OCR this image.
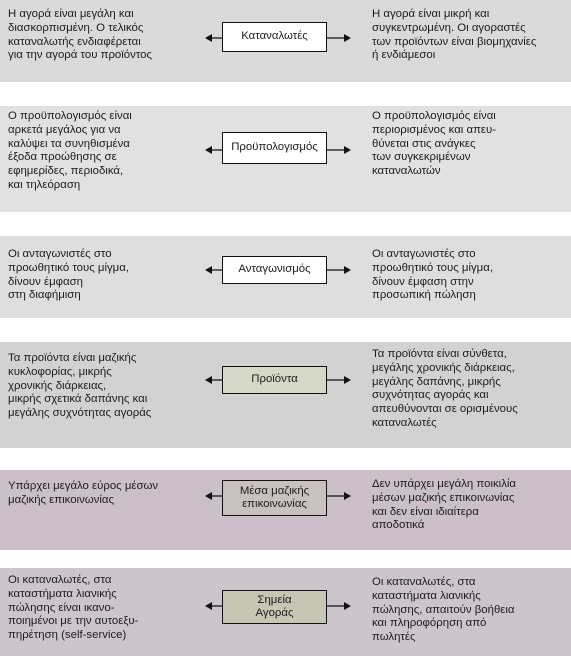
Η αγορά είναι μεγάλη και
διασκορπισμένη. Ο τελικός
καταναλωτής ενδιαφέρεται
για την αγορά του προϊόντος
Καταναλωτές
Η αγορά είναι μικρή και
συγκεντρωμένη. Οι αγοραστές
των προϊόντων είναι βιομηχανίες
ή ενδιάμεσοι
Ο προϋπολογισμός είναι
αρκετά μεγάλος για να
καλύψει τα συνηθισμένα
έξοδα προώθησης σε
εφημερίδες, περιοδικά,
και τηλεόραση
Προϋπολογισμός
Ο προϋπολογισμός είναι
περιορισμένος και απευ-
θύνεται στις ανάγκες
των συγκεκριμένων
καταναλωτών
Οι ανταγωνιστές στο
προωθητικό τους μίγμα,
δίνουν έμφαση
στη διαφήμιση
Ανταγωνισμός
Οι ανταγωνιστές στο
προωθητικό τους μίγμα,
δίνουν έμφαση στην
προσωπική πώληση
Τα προϊόντα είναι μαζικής
κυκλοφορίας, μικρής
χρονικής διάρκειας,
μικρής σχετικά δαπάνης και
μεγάλης συχνότητας αγοράς
Προϊόντα
Τα προϊόντα είναι σύνθετα,
μεγάλης χρονικής διάρκειας,
μεγάλης δαπάνης, μικρής
συχνότητας αγοράς και
απευθύνονται σε ορισμένους
καταναλωτές
Υπάρχει μεγάλο εύρος μέσων
μαζικής επικοινωνίας
Μέσα μαζικής
επικοινωνίας
Δεν υπάρχει μεγάλη ποικιλία
μέσων μαζικής επικοινωνίας
και δεν είναι ιδιαίτερα
αποδοτικά
Οι καταναλωτές, στα
καταστήματα λιανικής
πώλησης είναι ικανο-
ποιημένοι με την αυτοεξυ-
πηρέτηση (self-service)
Σημεία
Αγοράς
Οι καταναλωτές, στα
καταστήματα λιανικής
πώλησης, απαιτούν βοήθεια
και πληροφόρηση από
πωλητές
